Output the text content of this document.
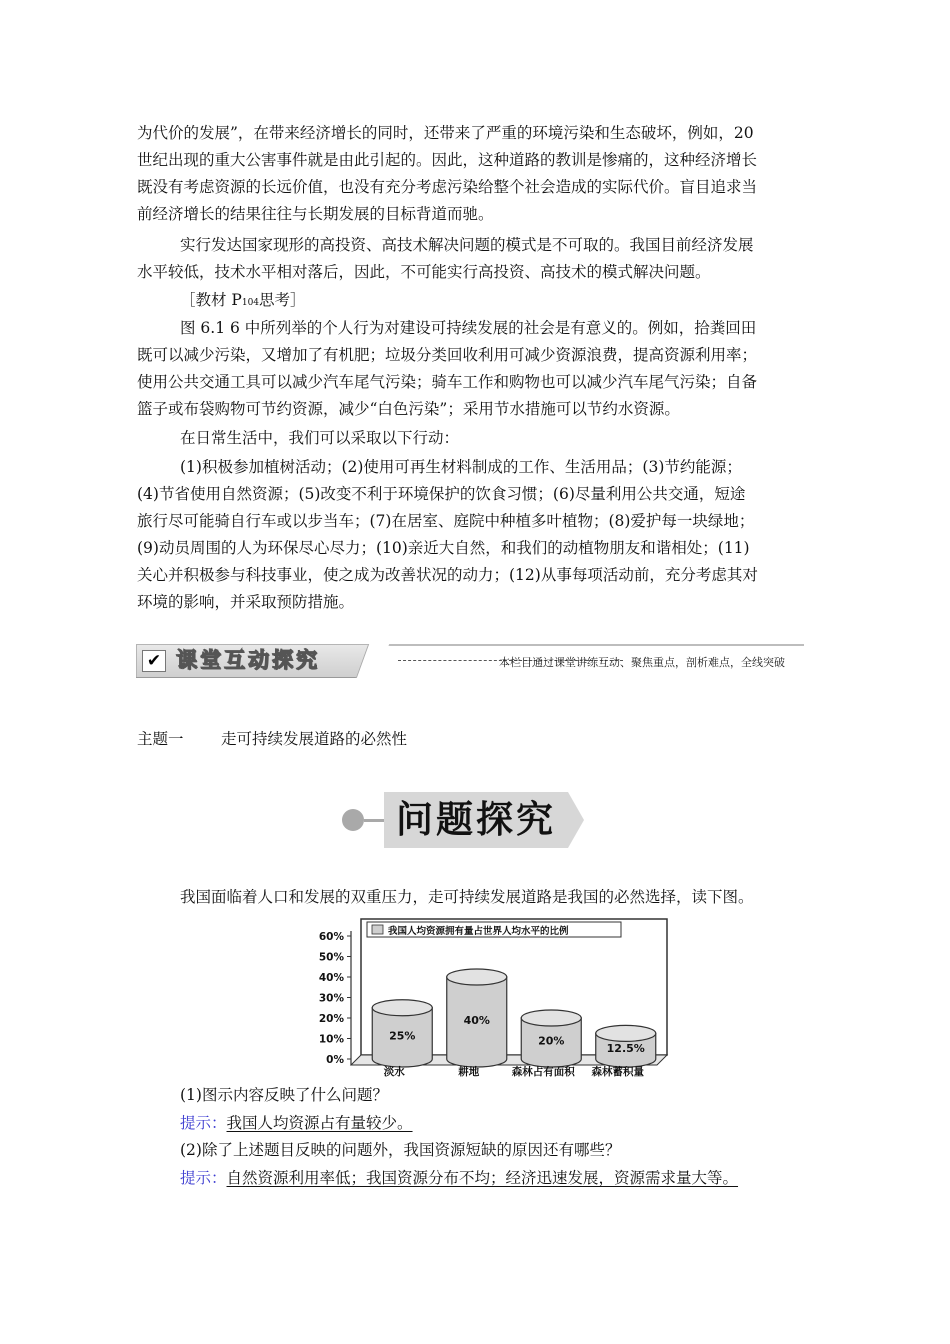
为代价的发展”，在带来经济增长的同时，还带来了严重的环境污染和生态破坏，例如，20
世纪出现的重大公害事件就是由此引起的。因此，这种道路的教训是惨痛的，这种经济增长
既没有考虑资源的长远价值，也没有充分考虑污染给整个社会造成的实际代价。盲目追求当
前经济增长的结果往往与长期发展的目标背道而驰。
实行发达国家现形的高投资、高技术解决问题的模式是不可取的。我国目前经济发展
水平较低，技术水平相对落后，因此，不可能实行高投资、高技术的模式解决问题。
［教材 P104思考］
图 6.1 6 中所列举的个人行为对建设可持续发展的社会是有意义的。例如，拾粪回田
既可以减少污染，又增加了有机肥；垃圾分类回收利用可减少资源浪费，提高资源利用率；
使用公共交通工具可以减少汽车尾气污染；骑车工作和购物也可以减少汽车尾气污染；自备
篮子或布袋购物可节约资源，减少“白色污染”；采用节水措施可以节约水资源。
在日常生活中，我们可以采取以下行动：
(1)积极参加植树活动；(2)使用可再生材料制成的工作、生活用品；(3)节约能源；
(4)节省使用自然资源；(5)改变不利于环境保护的饮食习惯；(6)尽量利用公共交通，短途
旅行尽可能骑自行车或以步当车；(7)在居室、庭院中种植多叶植物；(8)爱护每一块绿地；
(9)动员周围的人为环保尽心尽力；(10)亲近大自然，和我们的动植物朋友和谐相处；(11)
关心并积极参与科技事业，使之成为改善状况的动力；(12)从事每项活动前，充分考虑其对
环境的影响，并采取预防措施。
✔ 课堂互动探究	本栏目通过课堂讲练互动、聚焦重点，剖析难点，全线突破
主题一 走可持续发展道路的必然性
问题探究
我国面临着人口和发展的双重压力，走可持续发展道路是我国的必然选择，读下图。
我国人均资源拥有量占世界人均水平的比例
0%
10%
20%
30%
40%
50%
60%
25%
40%
20%
12.5%
淡水	耕地	森林占有面积 森林蓄积量
(1)图示内容反映了什么问题？
提示：我国人均资源占有量较少。
(2)除了上述题目反映的问题外，我国资源短缺的原因还有哪些？
提示：自然资源利用率低；我国资源分布不均；经济迅速发展，资源需求量大等。
